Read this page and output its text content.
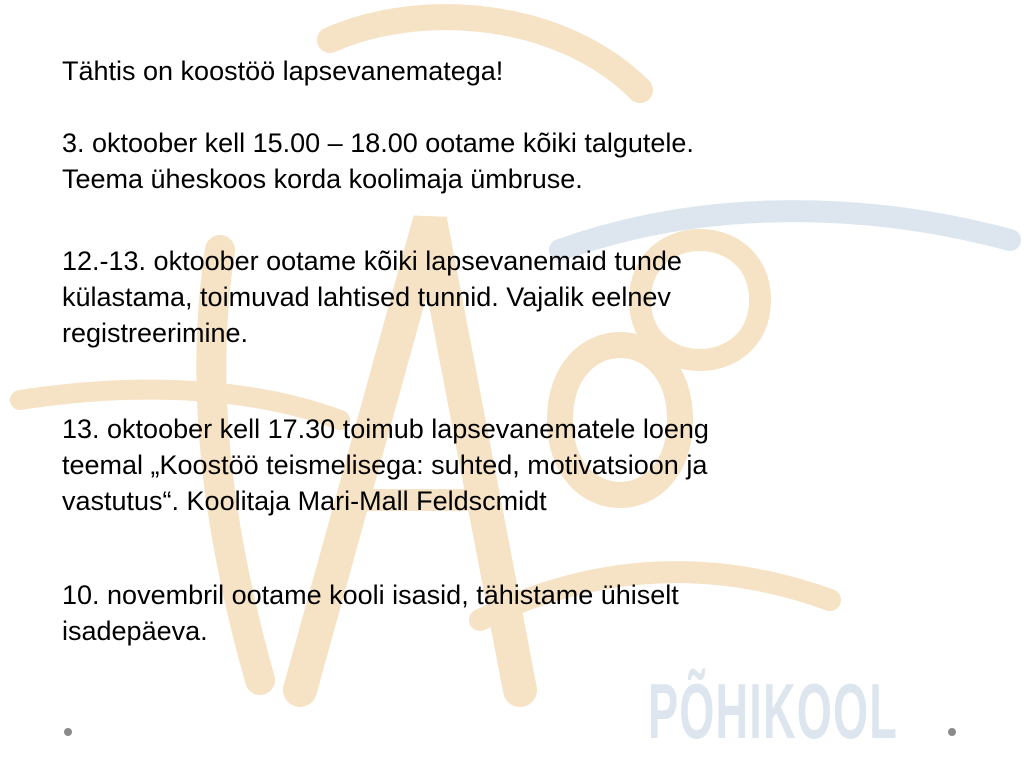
PÕHIKOOL

Tähtis on koostöö lapsevanematega!

3. oktoober kell 15.00 – 18.00 ootame kõiki talgutele.
Teema üheskoos korda koolimaja ümbruse.

12.-13. oktoober ootame kõiki lapsevanemaid tunde
külastama, toimuvad lahtised tunnid. Vajalik eelnev
registreerimine.

13. oktoober kell 17.30 toimub lapsevanematele loeng
teemal „Koostöö teismelisega: suhted, motivatsioon ja
vastutus“. Koolitaja Mari-Mall Feldscmidt

10. novembril ootame kooli isasid, tähistame ühiselt
isadepäeva.
